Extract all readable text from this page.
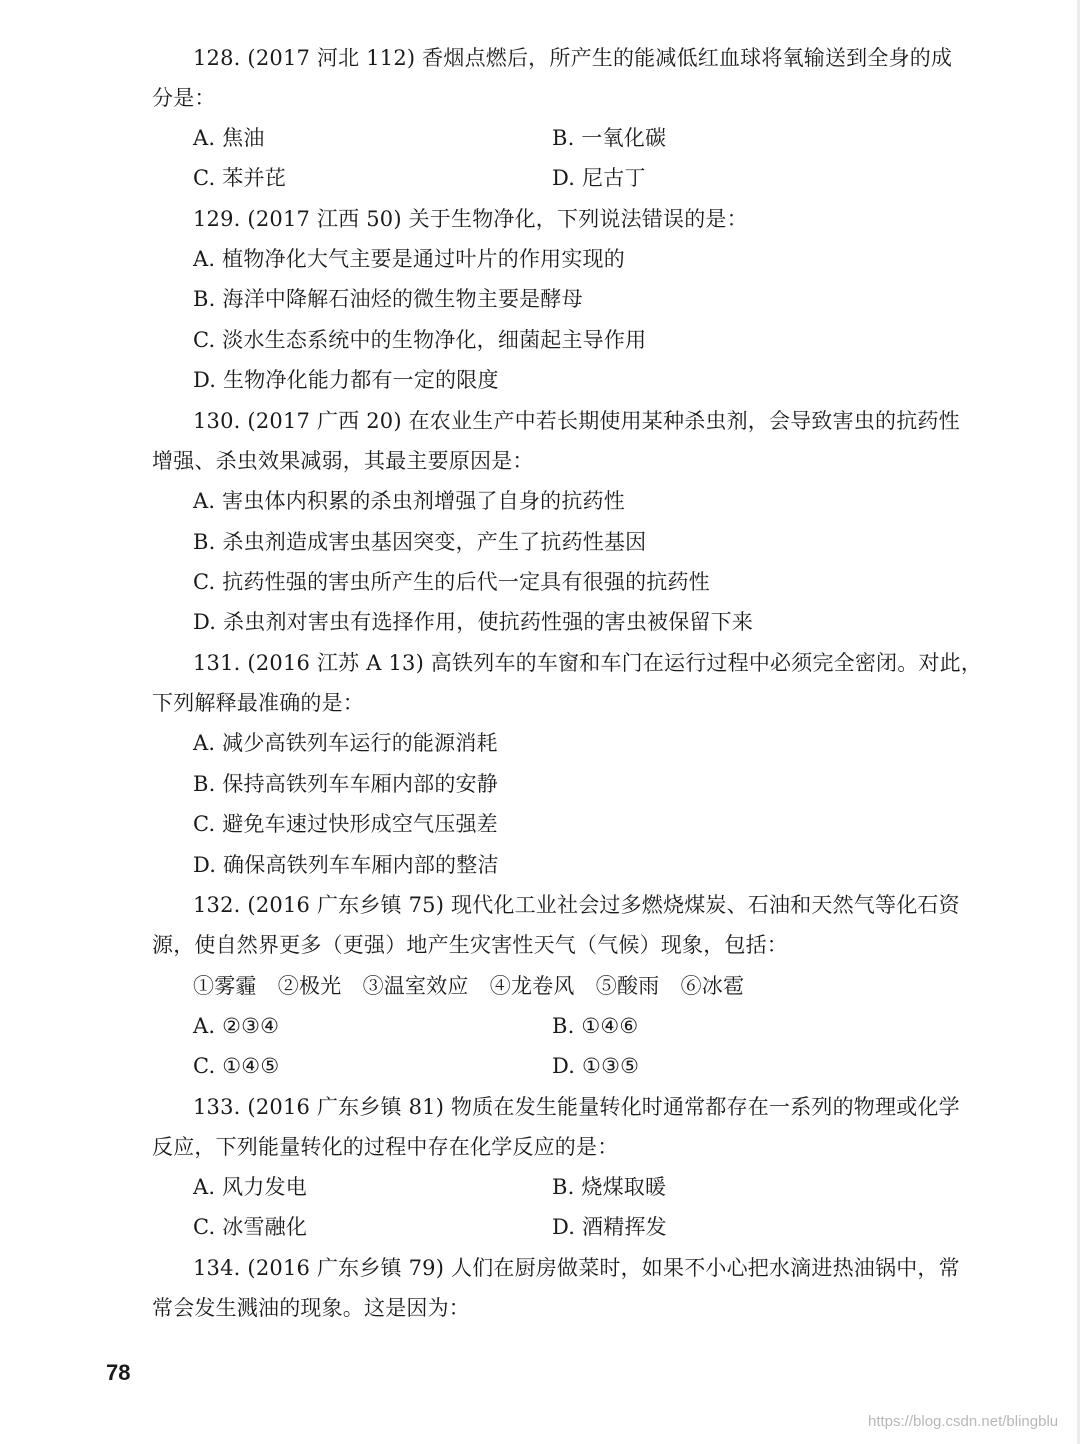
128. (2017 河北 112) 香烟点燃后，所产生的能减低红血球将氧输送到全身的成
分是：
A. 焦油	B. 一氧化碳
C. 苯并芘	D. 尼古丁
129. (2017 江西 50) 关于生物净化，下列说法错误的是：
A. 植物净化大气主要是通过叶片的作用实现的
B. 海洋中降解石油烃的微生物主要是酵母
C. 淡水生态系统中的生物净化，细菌起主导作用
D. 生物净化能力都有一定的限度
130. (2017 广西 20) 在农业生产中若长期使用某种杀虫剂，会导致害虫的抗药性
增强、杀虫效果减弱，其最主要原因是：
A. 害虫体内积累的杀虫剂增强了自身的抗药性
B. 杀虫剂造成害虫基因突变，产生了抗药性基因
C. 抗药性强的害虫所产生的后代一定具有很强的抗药性
D. 杀虫剂对害虫有选择作用，使抗药性强的害虫被保留下来
131. (2016 江苏 A 13) 高铁列车的车窗和车门在运行过程中必须完全密闭。对此，
下列解释最准确的是：
A. 减少高铁列车运行的能源消耗
B. 保持高铁列车车厢内部的安静
C. 避免车速过快形成空气压强差
D. 确保高铁列车车厢内部的整洁
132. (2016 广东乡镇 75) 现代化工业社会过多燃烧煤炭、石油和天然气等化石资
源，使自然界更多（更强）地产生灾害性天气（气候）现象，包括：
①雾霾　②极光　③温室效应　④龙卷风　⑤酸雨　⑥冰雹
A. ②③④	B. ①④⑥
C. ①④⑤	D. ①③⑤
133. (2016 广东乡镇 81) 物质在发生能量转化时通常都存在一系列的物理或化学
反应，下列能量转化的过程中存在化学反应的是：
A. 风力发电	B. 烧煤取暖
C. 冰雪融化	D. 酒精挥发
134. (2016 广东乡镇 79) 人们在厨房做菜时，如果不小心把水滴进热油锅中，常
常会发生溅油的现象。这是因为：
78
https://blog.csdn.net/blingblu
